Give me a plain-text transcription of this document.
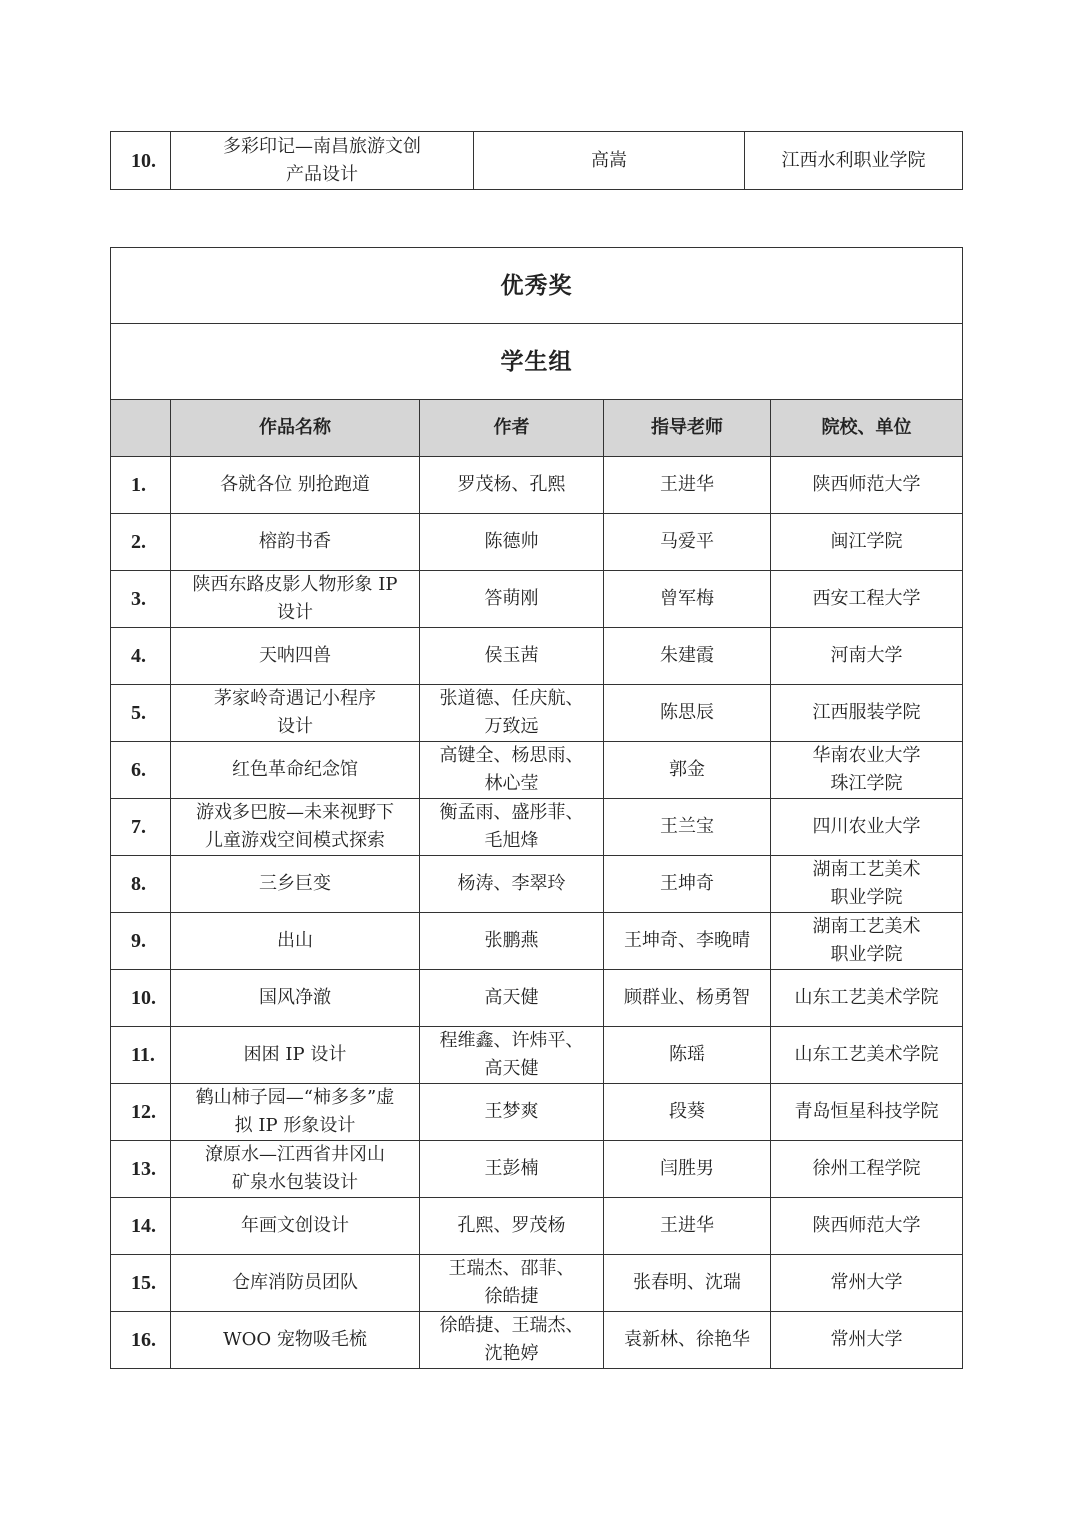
10.	多彩印记—南昌旅游文创
产品设计	高嵩	江西水利职业学院
优秀奖				
学生组				
	作品名称	作者	指导老师	院校、单位
1.	各就各位 别抢跑道	罗茂杨、孔熙	王进华	陕西师范大学
2.	榕韵书香	陈德帅	马爱平	闽江学院
3.	陕西东路皮影人物形象 IP
设计	答萌刚	曾军梅	西安工程大学
4.	天呐四兽	侯玉茜	朱建霞	河南大学
5.	茅家岭奇遇记小程序
设计	张道德、任庆航、
万致远	陈思辰	江西服装学院
6.	红色革命纪念馆	高键全、杨思雨、
林心莹	郭金	华南农业大学
珠江学院
7.	游戏多巴胺—未来视野下
儿童游戏空间模式探索	衡孟雨、盛彤菲、
毛旭烽	王兰宝	四川农业大学
8.	三乡巨变	杨涛、李翠玲	王坤奇	湖南工艺美术
职业学院
9.	出山	张鹏燕	王坤奇、李晚晴	湖南工艺美术
职业学院
10.	国风净澈	高天健	顾群业、杨勇智	山东工艺美术学院
11.	困困 IP 设计	程维鑫、许炜平、
高天健	陈瑶	山东工艺美术学院
12.	鹤山柿子园—“柿多多”虚
拟 IP 形象设计	王梦爽	段葵	青岛恒星科技学院
13.	潦原水—江西省井冈山
矿泉水包装设计	王彭楠	闫胜男	徐州工程学院
14.	年画文创设计	孔熙、罗茂杨	王进华	陕西师范大学
15.	仓库消防员团队	王瑞杰、邵菲、
徐皓捷	张春明、沈瑞	常州大学
16.	WOO 宠物吸毛梳	徐皓捷、王瑞杰、
沈艳婷	袁新林、徐艳华	常州大学
